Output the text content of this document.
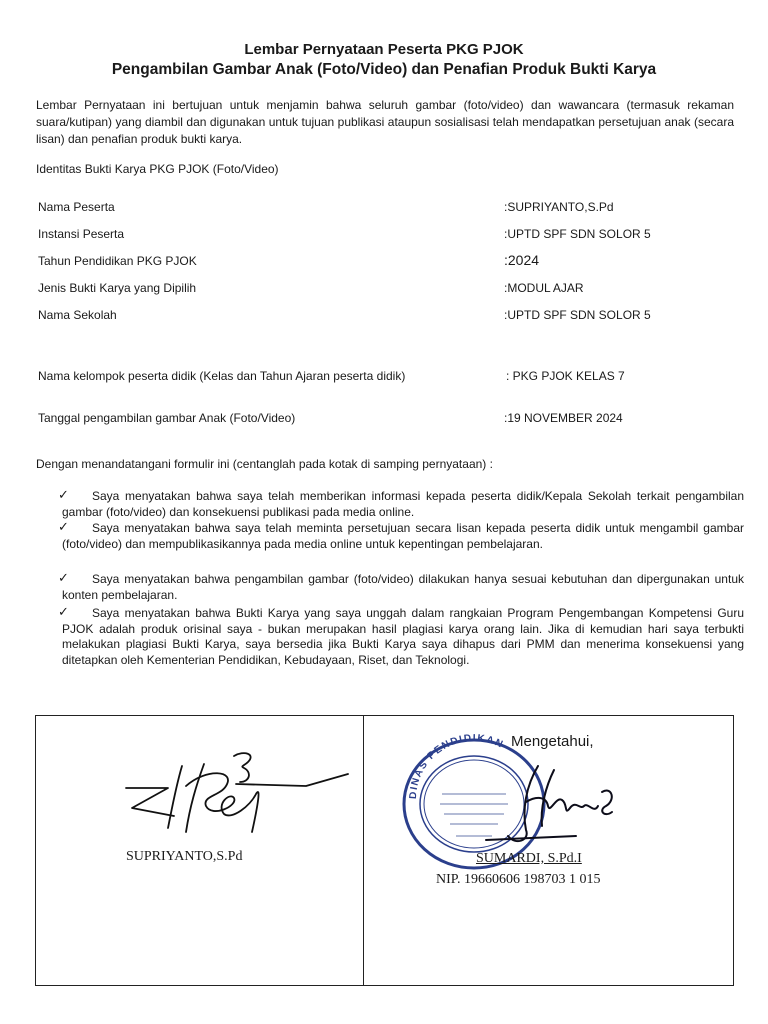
Lembar Pernyataan Peserta PKG PJOK
Pengambilan Gambar Anak (Foto/Video) dan Penafian Produk Bukti Karya
Lembar Pernyataan ini bertujuan untuk menjamin bahwa seluruh gambar (foto/video) dan wawancara (termasuk rekaman suara/kutipan) yang diambil dan digunakan untuk tujuan publikasi ataupun sosialisasi telah mendapatkan persetujuan anak (secara lisan) dan penafian produk bukti karya.
Identitas Bukti Karya PKG PJOK (Foto/Video)
Nama Peserta	:SUPRIYANTO,S.Pd
Instansi Peserta	:UPTD SPF SDN SOLOR 5
Tahun Pendidikan PKG PJOK	:2024
Jenis Bukti Karya yang Dipilih	:MODUL AJAR
Nama Sekolah	:UPTD SPF SDN SOLOR 5
Nama kelompok peserta didik (Kelas dan Tahun Ajaran peserta didik)	: PKG PJOK KELAS 7
Tanggal pengambilan gambar Anak (Foto/Video)	:19 NOVEMBER 2024
Dengan menandatangani formulir ini (centanglah pada kotak di samping pernyataan) :
✓	Saya menyatakan bahwa saya telah memberikan informasi kepada peserta didik/Kepala Sekolah terkait pengambilan gambar (foto/video) dan konsekuensi publikasi pada media online.

✓	Saya menyatakan bahwa saya telah meminta persetujuan secara lisan kepada peserta didik untuk mengambil gambar (foto/video) dan mempublikasikannya pada media online untuk kepentingan pembelajaran.

✓	Saya menyatakan bahwa pengambilan gambar (foto/video) dilakukan hanya sesuai kebutuhan dan dipergunakan untuk konten pembelajaran.

✓	Saya menyatakan bahwa Bukti Karya yang saya unggah dalam rangkaian Program Pengembangan Kompetensi Guru PJOK adalah produk orisinal saya - bukan merupakan hasil plagiasi karya orang lain. Jika di kemudian hari saya terbukti melakukan plagiasi Bukti Karya, saya bersedia jika Bukti Karya saya dihapus dari PMM dan menerima konsekuensi yang ditetapkan oleh Kementerian Pendidikan, Kebudayaan, Riset, dan Teknologi.

SUPRIYANTO,S.Pd
DINAS PENDIDIKAN Mengetahui,
SUMARDI, S.Pd.I
NIP. 19660606 198703 1 015
